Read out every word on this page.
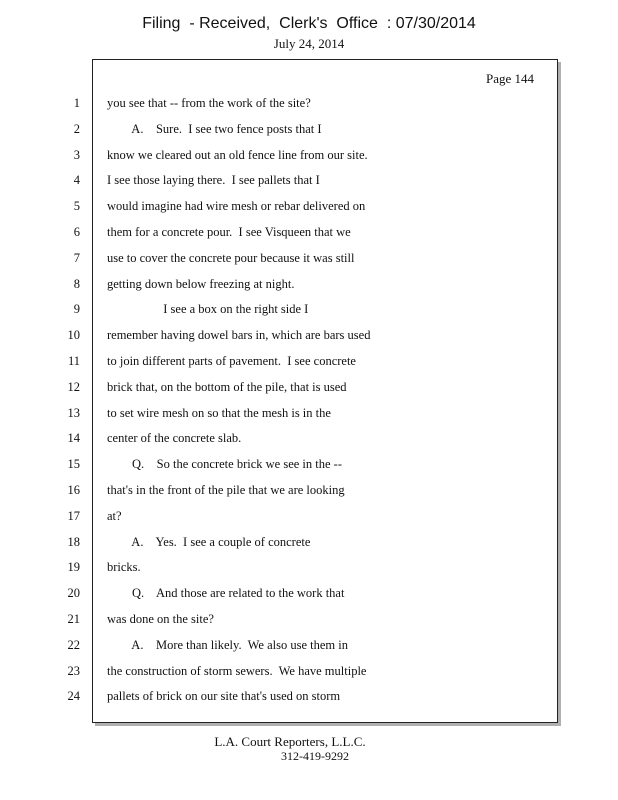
Filing  - Received,  Clerk's  Office  : 07/30/2014
July 24, 2014
Page 144
1
2
3
4
5
6
7
8
9
10
11
12
13
14
15
16
17
18
19
20
21
22
23
24
you see that -- from the work of the site?
A.    Sure.  I see two fence posts that I
know we cleared out an old fence line from our site.
I see those laying there.  I see pallets that I
would imagine had wire mesh or rebar delivered on
them for a concrete pour.  I see Visqueen that we
use to cover the concrete pour because it was still
getting down below freezing at night.
I see a box on the right side I
remember having dowel bars in, which are bars used
to join different parts of pavement.  I see concrete
brick that, on the bottom of the pile, that is used
to set wire mesh on so that the mesh is in the
center of the concrete slab.
Q.    So the concrete brick we see in the --
that's in the front of the pile that we are looking
at?
A.    Yes.  I see a couple of concrete
bricks.
Q.    And those are related to the work that
was done on the site?
A.    More than likely.  We also use them in
the construction of storm sewers.  We have multiple
pallets of brick on our site that's used on storm
L.A. Court Reporters, L.L.C.
312-419-9292
